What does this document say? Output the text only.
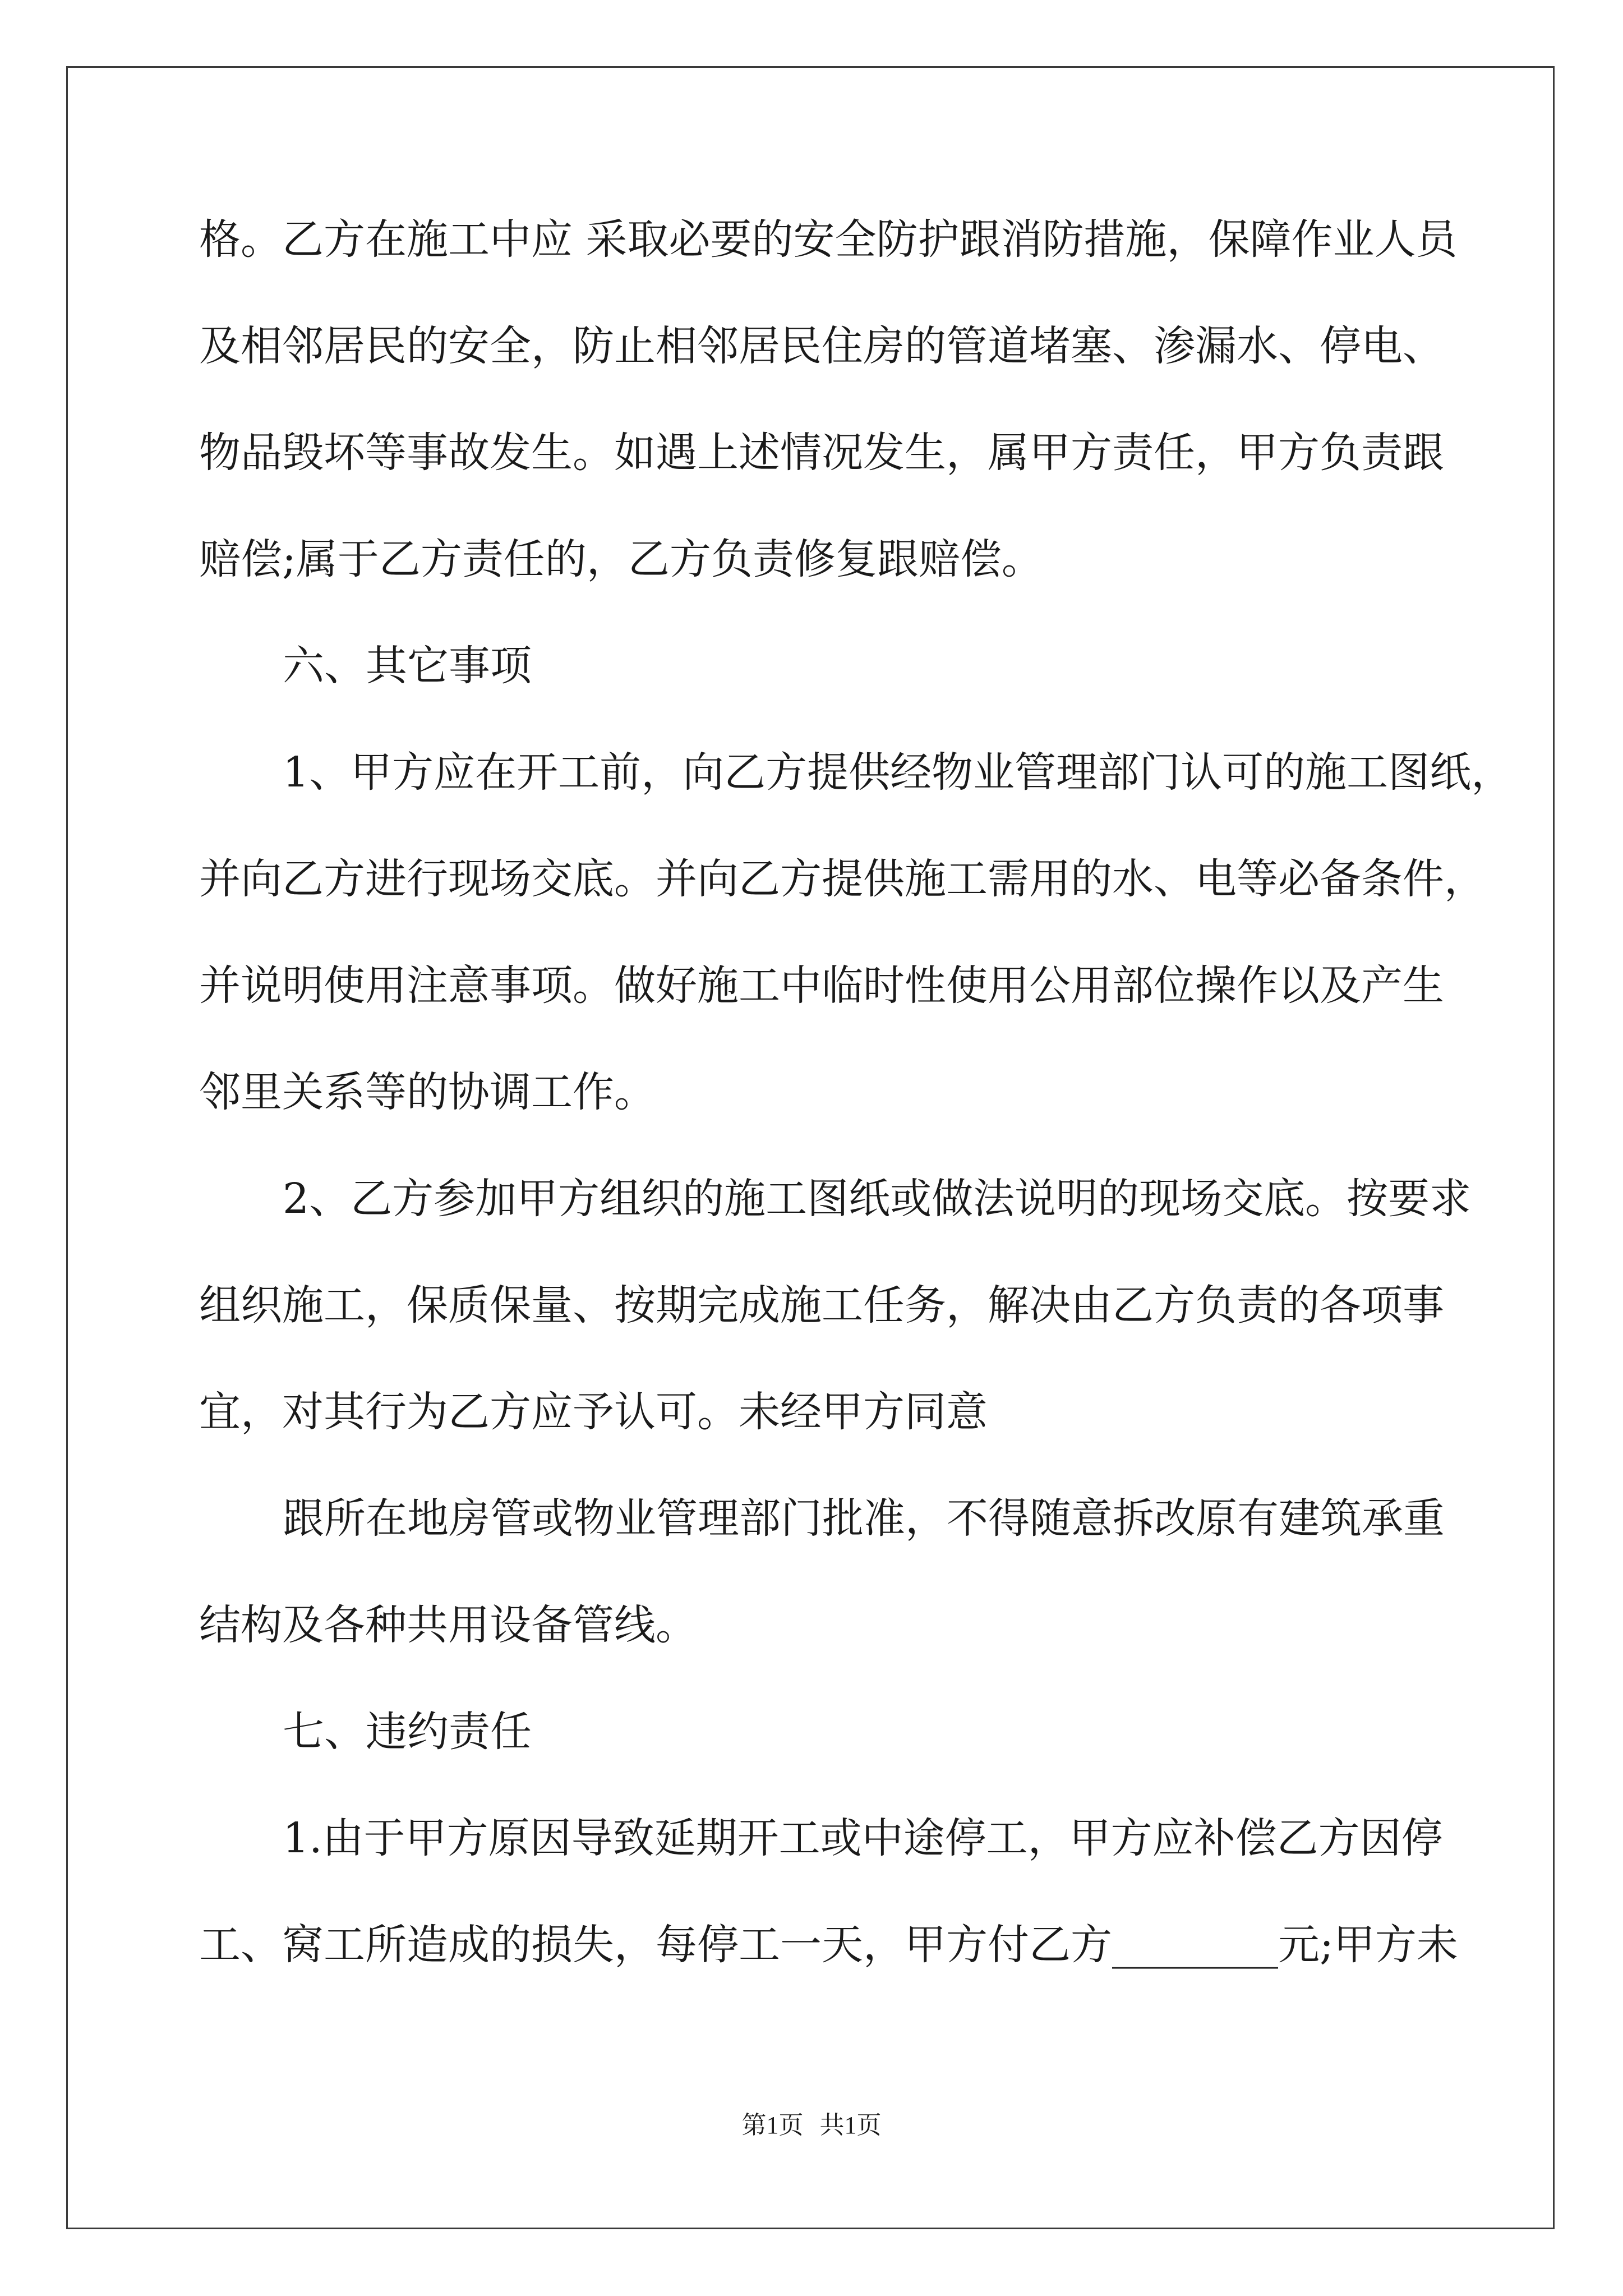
格。乙方在施工中应 采取必要的安全防护跟消防措施，保障作业人员

及相邻居民的安全，防止相邻居民住房的管道堵塞、渗漏水、停电、

物品毁坏等事故发生。如遇上述情况发生，属甲方责任，甲方负责跟

赔偿;属于乙方责任的，乙方负责修复跟赔偿。

六、其它事项

1、甲方应在开工前，向乙方提供经物业管理部门认可的施工图纸，

并向乙方进行现场交底。并向乙方提供施工需用的水、电等必备条件，

并说明使用注意事项。做好施工中临时性使用公用部位操作以及产生

邻里关系等的协调工作。

2、乙方参加甲方组织的施工图纸或做法说明的现场交底。按要求

组织施工，保质保量、按期完成施工任务，解决由乙方负责的各项事

宜，对其行为乙方应予认可。未经甲方同意

跟所在地房管或物业管理部门批准，不得随意拆改原有建筑承重

结构及各种共用设备管线。

七、违约责任

1.由于甲方原因导致延期开工或中途停工，甲方应补偿乙方因停

工、窝工所造成的损失，每停工一天，甲方付乙方________元;甲方未

第1页 共1页
